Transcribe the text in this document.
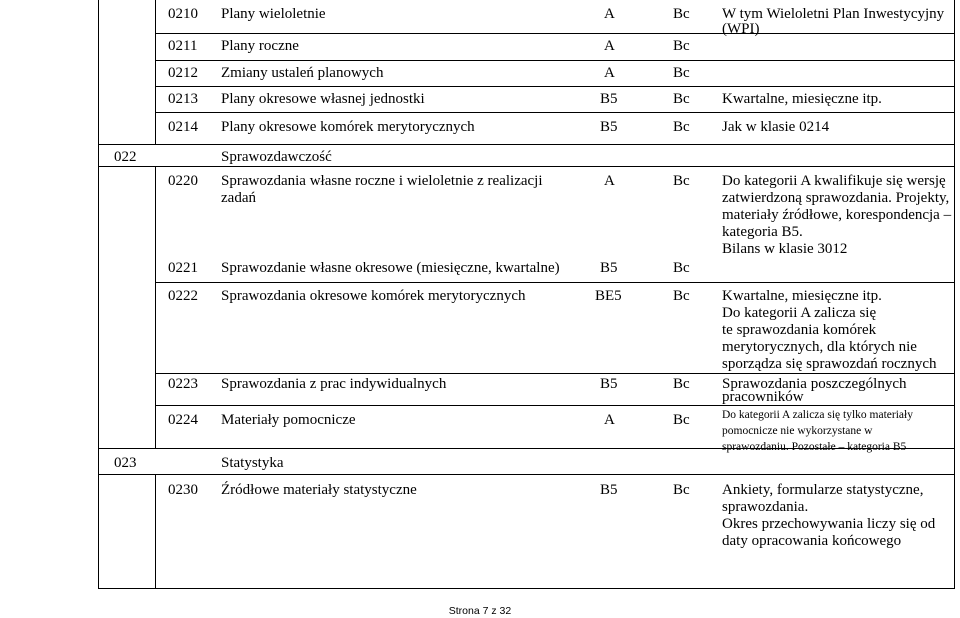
0210 Plany wieloletnie	A	Bc W tym Wieloletni Plan Inwestycyjny
(WPI)
0211 Plany roczne	A	Bc
0212 Zmiany ustaleń planowych	A	Bc
0213 Plany okresowe własnej jednostki	B5	Bc Kwartalne, miesięczne itp.
0214 Plany okresowe komórek merytorycznych	B5	Bc Jak w klasie 0214
022	Sprawozdawczość
0220 Sprawozdania własne roczne i wieloletnie z realizacji
zadań
A	Bc Do kategorii A kwalifikuje się wersję
zatwierdzoną sprawozdania. Projekty,
materiały źródłowe, korespondencja –
kategoria B5.
Bilans w klasie 3012
0221 Sprawozdanie własne okresowe (miesięczne, kwartalne)	B5	Bc
0222 Sprawozdania okresowe komórek merytorycznych	BE5	Bc Kwartalne, miesięczne itp.
Do kategorii A zalicza się
te sprawozdania komórek
merytorycznych, dla których nie
sporządza się sprawozdań rocznych
0223 Sprawozdania z prac indywidualnych	B5	Bc Sprawozdania poszczególnych
pracowników
0224 Materiały pomocnicze	A	Bc	Do kategorii A zalicza się tylko materiały
pomocnicze nie wykorzystane w
sprawozdaniu. Pozostałe – kategoria B5
023	Statystyka
0230 Źródłowe materiały statystyczne	B5	Bc Ankiety, formularze statystyczne,
sprawozdania.
Okres przechowywania liczy się od
daty opracowania końcowego
Strona 7 z 32
